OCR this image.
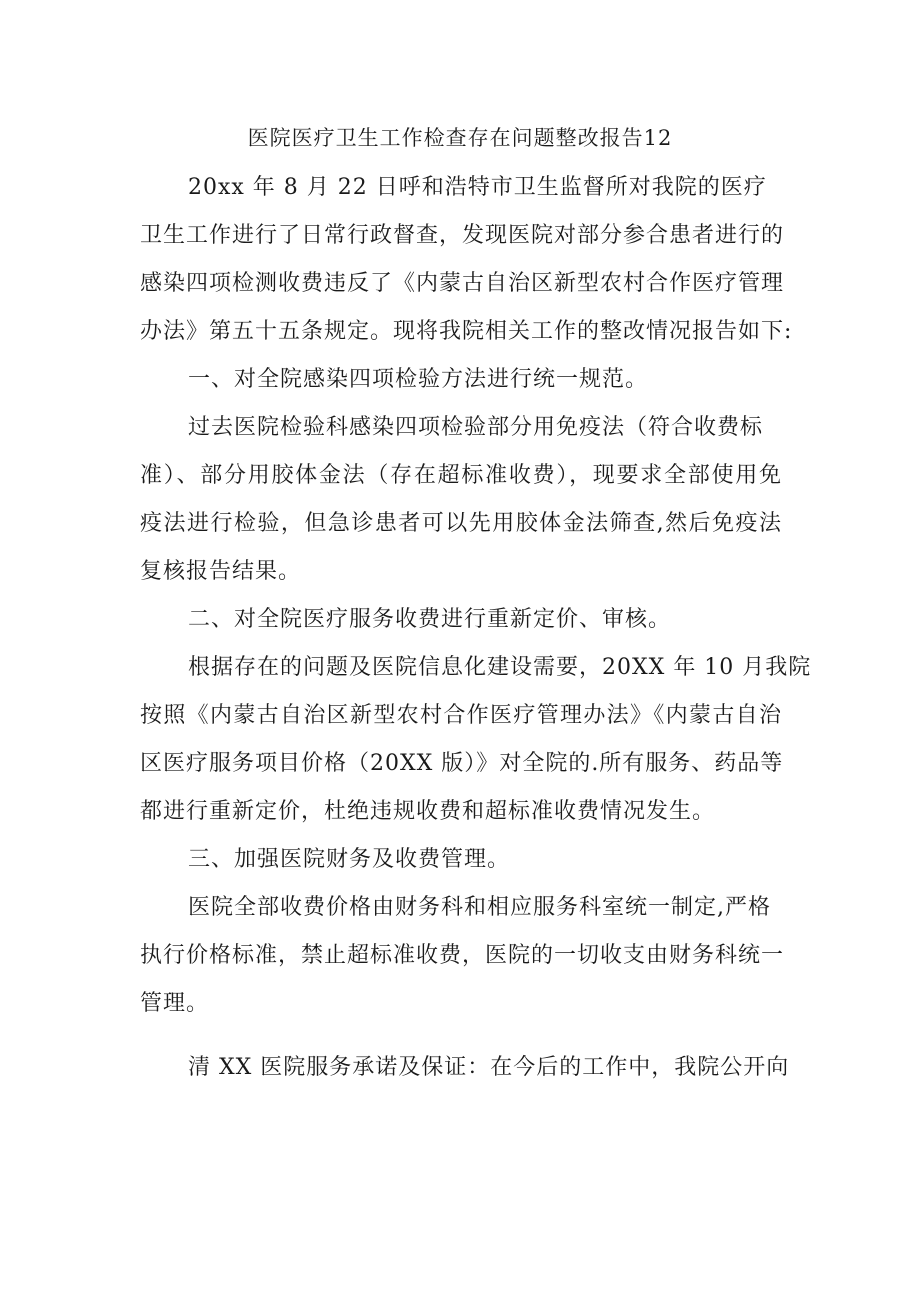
医院医疗卫生工作检查存在问题整改报告12
20xx 年 8 月 22 日呼和浩特市卫生监督所对我院的医疗
卫生工作进行了日常行政督查，发现医院对部分参合患者进行的
感染四项检测收费违反了《内蒙古自治区新型农村合作医疗管理
办法》第五十五条规定。现将我院相关工作的整改情况报告如下:
一、对全院感染四项检验方法进行统一规范。
过去医院检验科感染四项检验部分用免疫法（符合收费标
准）、部分用胶体金法（存在超标准收费），现要求全部使用免
疫法进行检验，但急诊患者可以先用胶体金法筛查,然后免疫法
复核报告结果。
二、对全院医疗服务收费进行重新定价、审核。
根据存在的问题及医院信息化建设需要，20XX 年 10 月我院
按照《内蒙古自治区新型农村合作医疗管理办法》《内蒙古自治
区医疗服务项目价格（20XX 版）》对全院的.所有服务、药品等
都进行重新定价，杜绝违规收费和超标准收费情况发生。
三、加强医院财务及收费管理。
医院全部收费价格由财务科和相应服务科室统一制定,严格
执行价格标准，禁止超标准收费，医院的一切收支由财务科统一
管理。
清 XX 医院服务承诺及保证：在今后的工作中，我院公开向
